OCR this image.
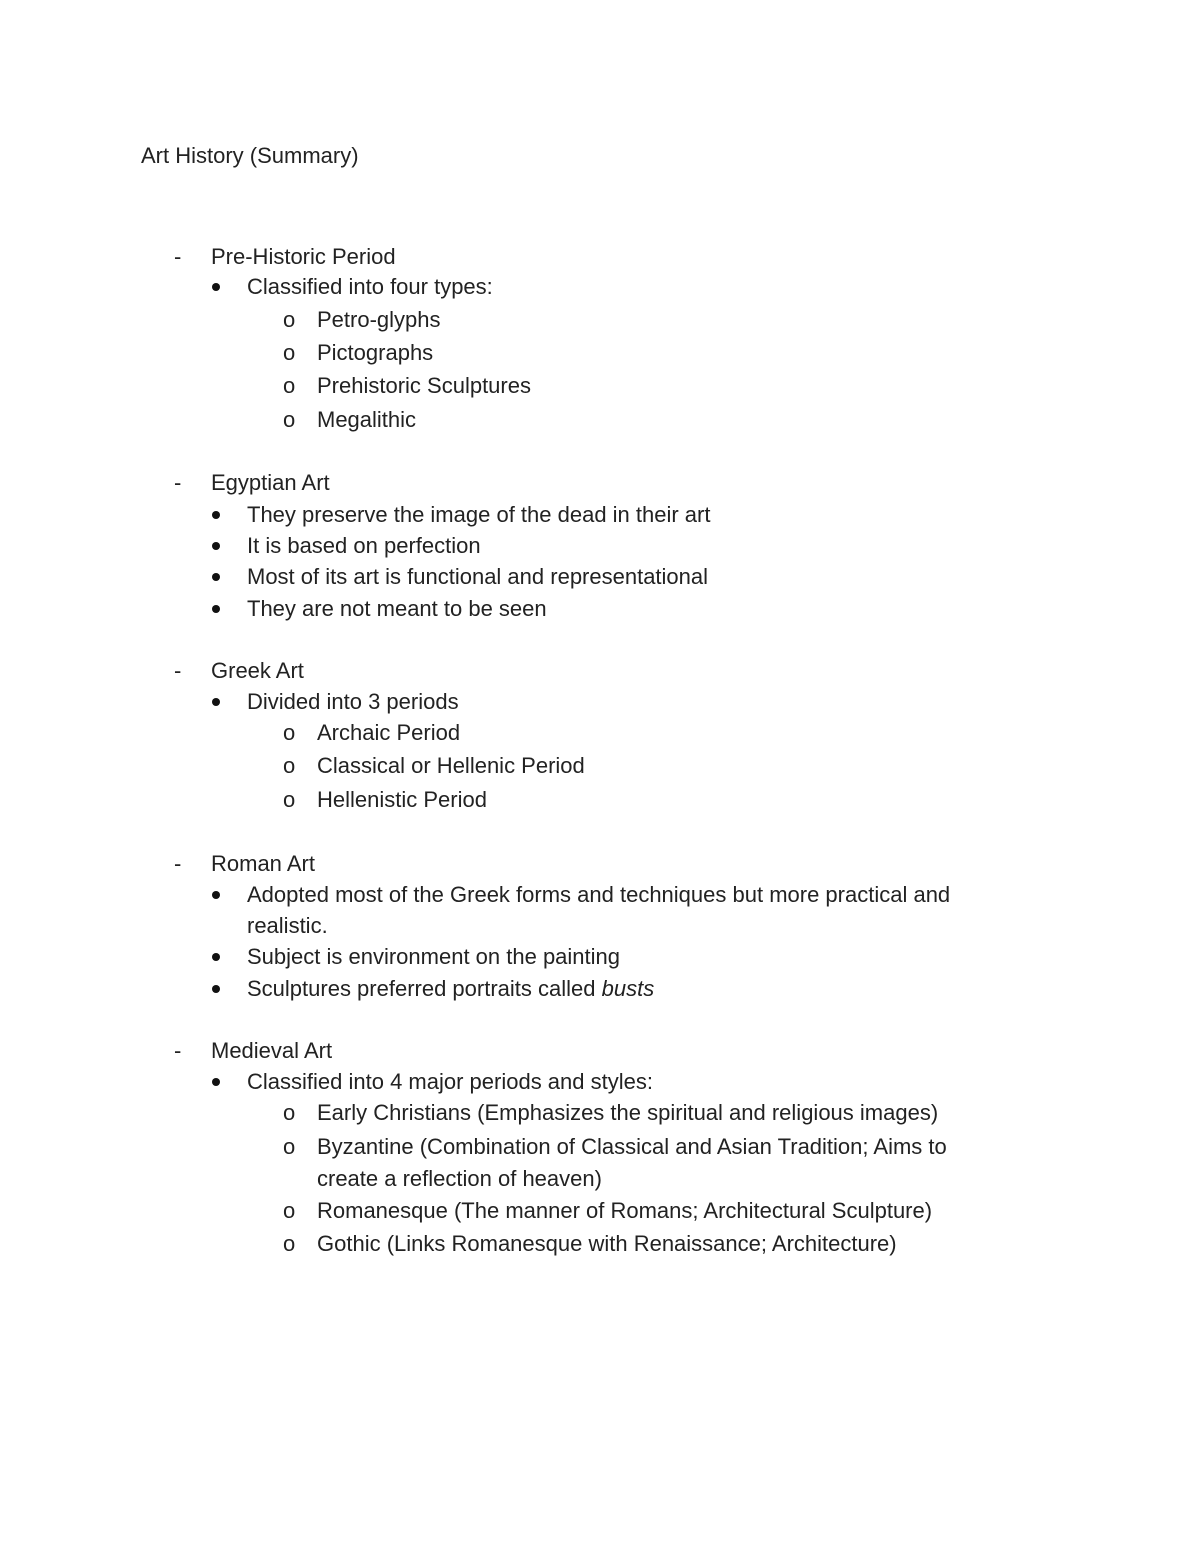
Art History (Summary)
- Pre-Historic Period
Classified into four types:
o Petro-glyphs
o Pictographs
o Prehistoric Sculptures
o Megalithic
- Egyptian Art
They preserve the image of the dead in their art
It is based on perfection
Most of its art is functional and representational
They are not meant to be seen
- Greek Art
Divided into 3 periods
o Archaic Period
o Classical or Hellenic Period
o Hellenistic Period
- Roman Art
Adopted most of the Greek forms and techniques but more practical and
realistic.
Subject is environment on the painting
Sculptures preferred portraits called busts
- Medieval Art
Classified into 4 major periods and styles:
o Early Christians (Emphasizes the spiritual and religious images)
o Byzantine (Combination of Classical and Asian Tradition; Aims to
create a reflection of heaven)
o Romanesque (The manner of Romans; Architectural Sculpture)
o Gothic (Links Romanesque with Renaissance; Architecture)
